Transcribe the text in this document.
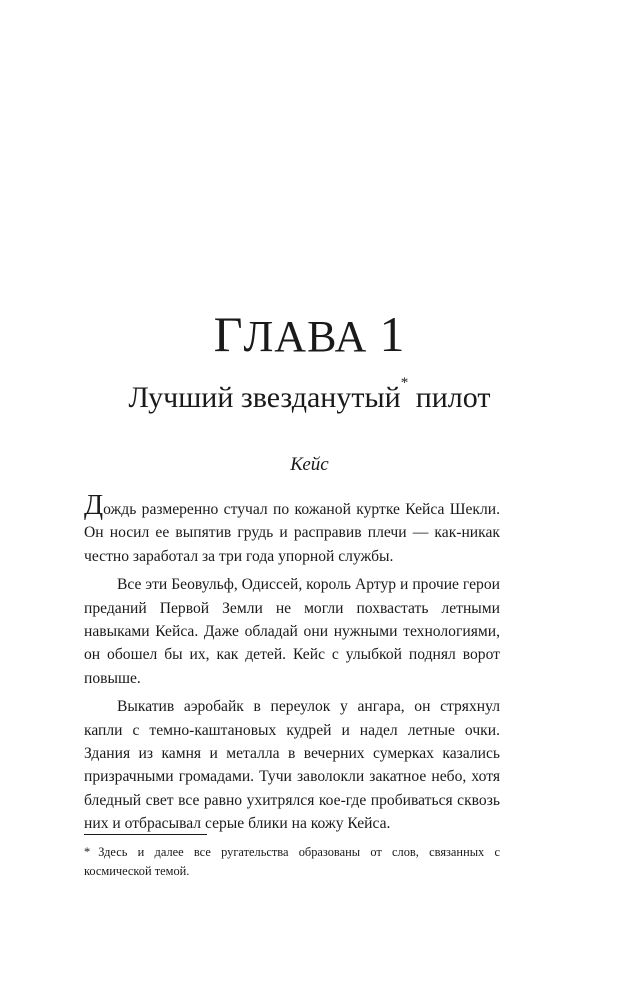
ГЛАВА 1
Лучший звезданутый* пилот
Кейс

Дождь размеренно стучал по кожаной куртке Кейса Шекли. Он носил ее выпятив грудь и расправив плечи — как-никак честно заработал за три года упорной службы.

Все эти Беовульф, Одиссей, король Артур и прочие герои преданий Первой Земли не могли похвастать летными навыками Кейса. Даже обладай они нужными технологиями, он обошел бы их, как детей. Кейс с улыбкой поднял ворот повыше.

Выкатив аэробайк в переулок у ангара, он стряхнул капли с темно-каштановых кудрей и надел летные очки. Здания из камня и металла в вечерних сумерках казались призрачными громадами. Тучи заволокли закатное небо, хотя бледный свет все равно ухитрялся кое-где пробиваться сквозь них и отбрасывал серые блики на кожу Кейса.

* Здесь и далее все ругательства образованы от слов, связанных с космической темой.
